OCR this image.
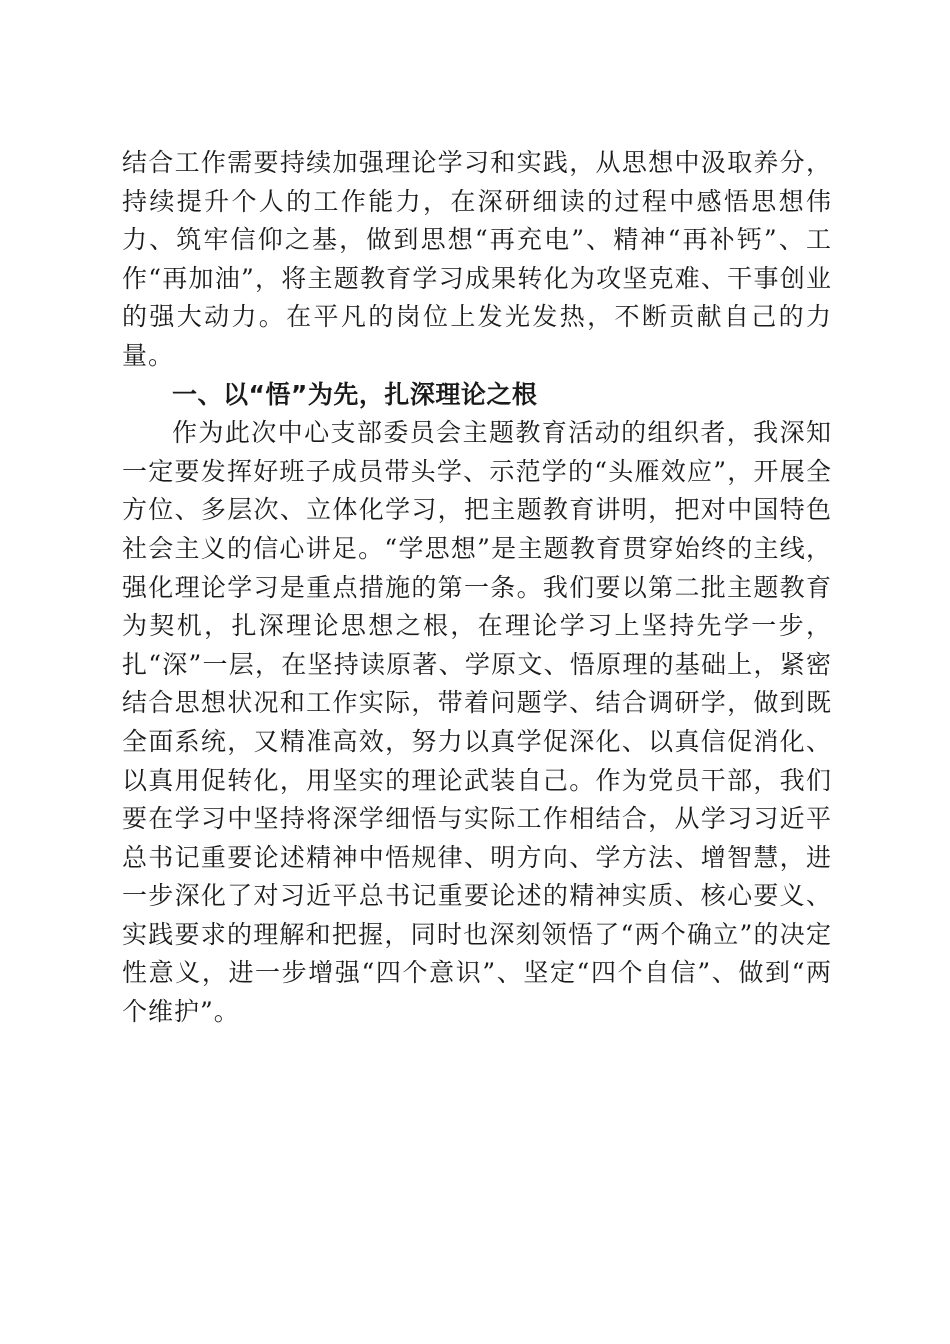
结合工作需要持续加强理论学习和实践，从思想中汲取养分，持续提升个人的工作能力，在深研细读的过程中感悟思想伟力、筑牢信仰之基，做到思想“再充电”、精神“再补钙”、工作“再加油”，将主题教育学习成果转化为攻坚克难、干事创业的强大动力。在平凡的岗位上发光发热，不断贡献自己的力量。

一、以“悟”为先，扎深理论之根

作为此次中心支部委员会主题教育活动的组织者，我深知一定要发挥好班子成员带头学、示范学的“头雁效应”，开展全方位、多层次、立体化学习，把主题教育讲明，把对中国特色社会主义的信心讲足。“学思想”是主题教育贯穿始终的主线，强化理论学习是重点措施的第一条。我们要以第二批主题教育为契机，扎深理论思想之根，在理论学习上坚持先学一步，扎“深”一层，在坚持读原著、学原文、悟原理的基础上，紧密结合思想状况和工作实际，带着问题学、结合调研学，做到既全面系统，又精准高效，努力以真学促深化、以真信促消化、以真用促转化，用坚实的理论武装自己。作为党员干部，我们要在学习中坚持将深学细悟与实际工作相结合，从学习习近平总书记重要论述精神中悟规律、明方向、学方法、增智慧，进一步深化了对习近平总书记重要论述的精神实质、核心要义、实践要求的理解和把握，同时也深刻领悟了“两个确立”的决定性意义，进一步增强“四个意识”、坚定“四个自信”、做到“两个维护”。
